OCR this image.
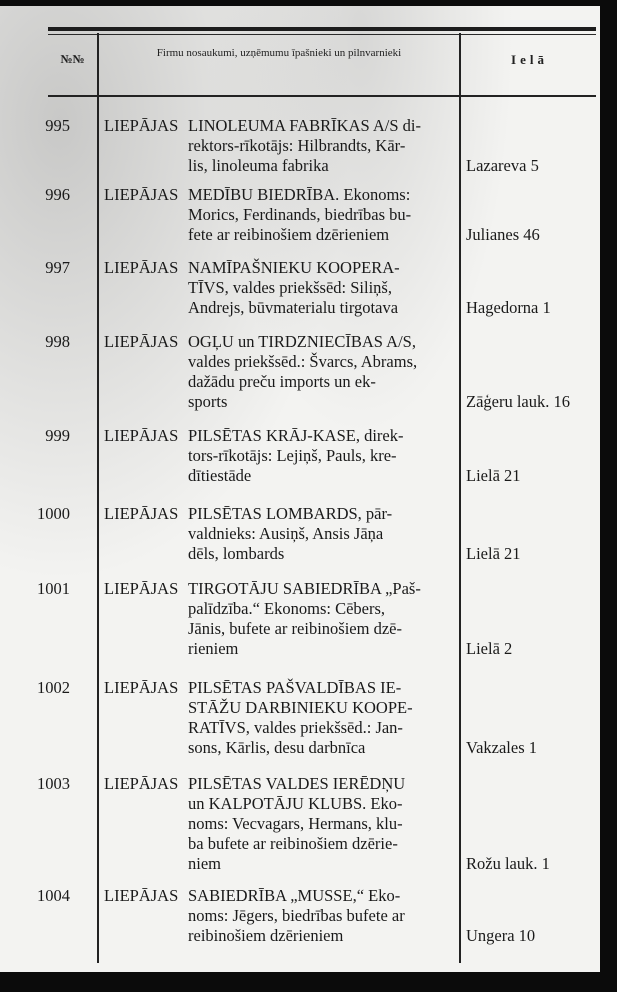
№№	Firmu nosaukumi, uzņēmumu īpašnieki un pilnvarnieki	Ielā
995 LIEPĀJAS LINOLEUMA FABRĪKAS A/S di-
rektors-rīkotājs: Hilbrandts, Kār-
lis, linoleuma fabrika	Lazareva 5
996 LIEPĀJAS MEDĪBU BIEDRĪBA. Ekonoms:
Morics, Ferdinands, biedrības bu-
fete ar reibinošiem dzērieniem	Julianes 46
997 LIEPĀJAS NAMĪPAŠNIEKU KOOPERA-
TĪVS, valdes priekšsēd: Siliņš,
Andrejs, būvmaterialu tirgotava	Hagedorna 1
998 LIEPĀJAS OGĻU un TIRDZNIECĪBAS A/S,
valdes priekšsēd.: Švarcs, Abrams,
dažādu preču imports un ek-
sports	Zāģeru lauk. 16
999 LIEPĀJAS PILSĒTAS KRĀJ-KASE, direk-
tors-rīkotājs: Lejiņš, Pauls, kre-
dītiestāde	Lielā 21
1000 LIEPĀJAS PILSĒTAS LOMBARDS, pār-
valdnieks: Ausiņš, Ansis Jāņa
dēls, lombards	Lielā 21
1001 LIEPĀJAS TIRGOTĀJU SABIEDRĪBA „Paš-
palīdzība.“ Ekonoms: Cēbers,
Jānis, bufete ar reibinošiem dzē-
rieniem	Lielā 2
1002 LIEPĀJAS PILSĒTAS PAŠVALDĪBAS IE-
STĀŽU DARBINIEKU KOOPE-
RATĪVS, valdes priekšsēd.: Jan-
sons, Kārlis, desu darbnīca	Vakzales 1
1003 LIEPĀJAS PILSĒTAS VALDES IERĒDŅU
un KALPOTĀJU KLUBS. Eko-
noms: Vecvagars, Hermans, klu-
ba bufete ar reibinošiem dzērie-
niem	Rožu lauk. 1
1004 LIEPĀJAS SABIEDRĪBA „MUSSE,“ Eko-
noms: Jēgers, biedrības bufete ar
reibinošiem dzērieniem	Ungera 10
